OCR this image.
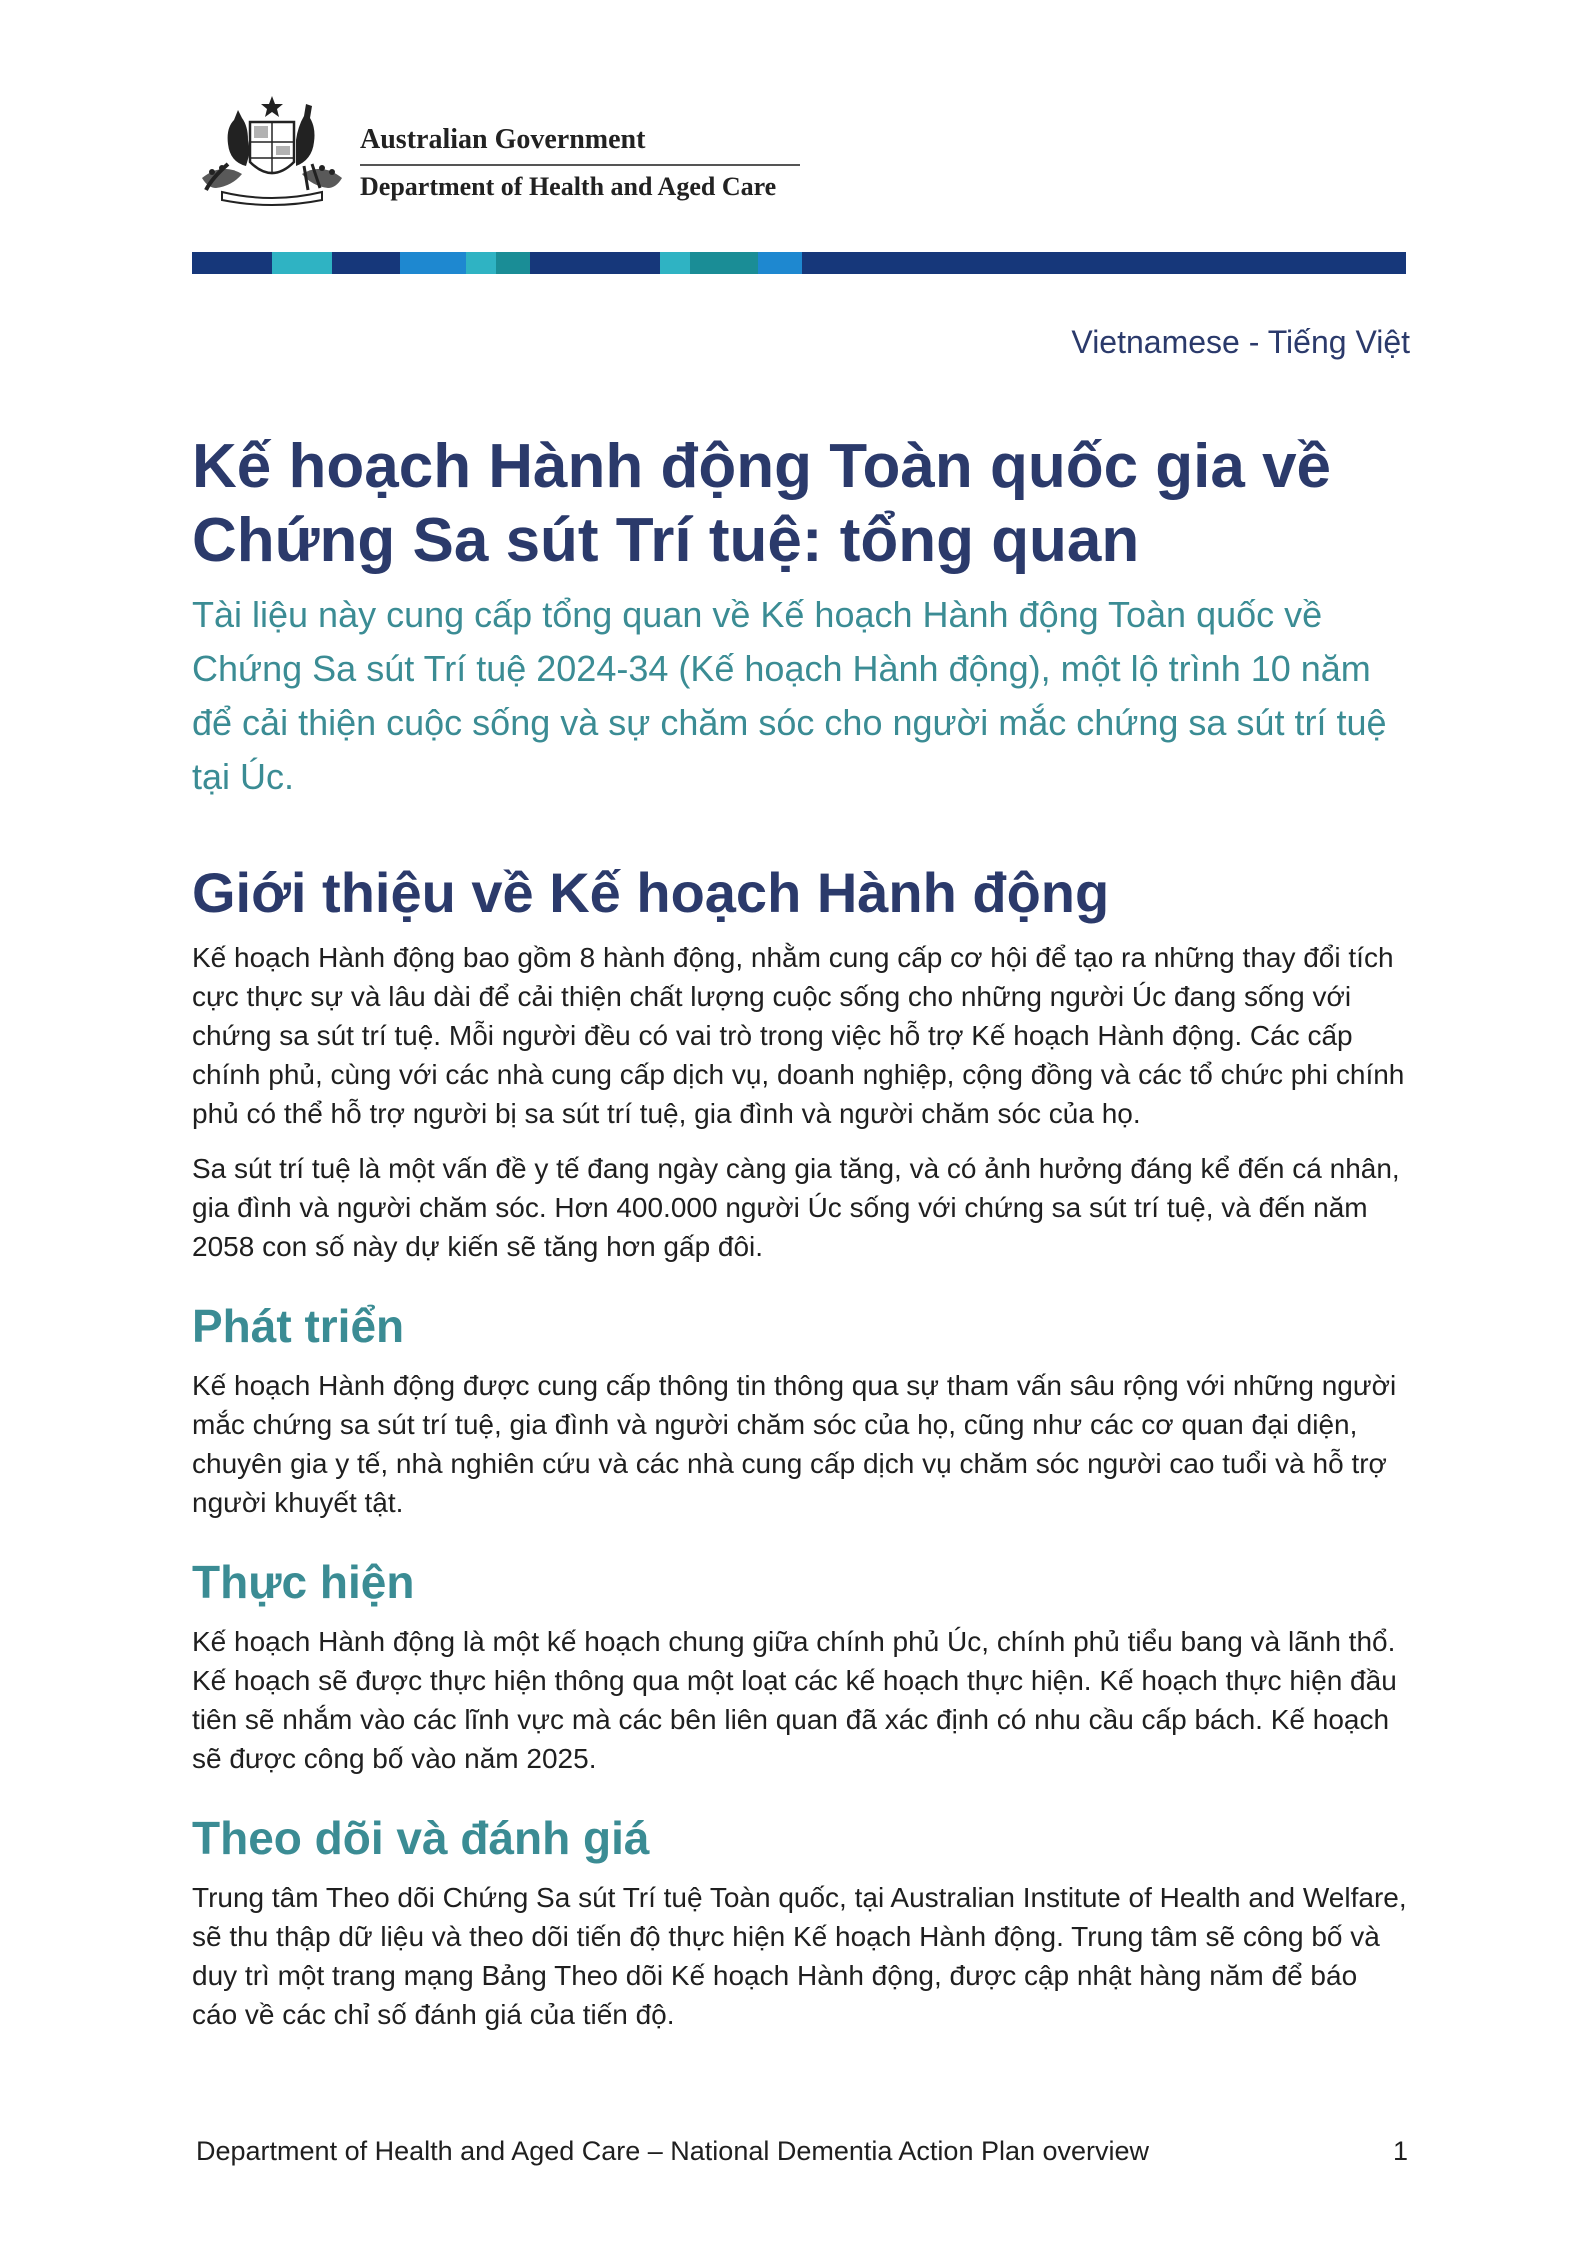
Australian Government
Department of Health and Aged Care
Vietnamese - Tiếng Việt
Kế hoạch Hành động Toàn quốc gia về Chứng Sa sút Trí tuệ: tổng quan

Tài liệu này cung cấp tổng quan về Kế hoạch Hành động Toàn quốc về Chứng Sa sút Trí tuệ 2024-34 (Kế hoạch Hành động), một lộ trình 10 năm để cải thiện cuộc sống và sự chăm sóc cho người mắc chứng sa sút trí tuệ tại Úc.

Giới thiệu về Kế hoạch Hành động

Kế hoạch Hành động bao gồm 8 hành động, nhằm cung cấp cơ hội để tạo ra những thay đổi tích cực thực sự và lâu dài để cải thiện chất lượng cuộc sống cho những người Úc đang sống với chứng sa sút trí tuệ. Mỗi người đều có vai trò trong việc hỗ trợ Kế hoạch Hành động. Các cấp chính phủ, cùng với các nhà cung cấp dịch vụ, doanh nghiệp, cộng đồng và các tổ chức phi chính phủ có thể hỗ trợ người bị sa sút trí tuệ, gia đình và người chăm sóc của họ.

Sa sút trí tuệ là một vấn đề y tế đang ngày càng gia tăng, và có ảnh hưởng đáng kể đến cá nhân, gia đình và người chăm sóc. Hơn 400.000 người Úc sống với chứng sa sút trí tuệ, và đến năm 2058 con số này dự kiến sẽ tăng hơn gấp đôi.

Phát triển

Kế hoạch Hành động được cung cấp thông tin thông qua sự tham vấn sâu rộng với những người mắc chứng sa sút trí tuệ, gia đình và người chăm sóc của họ, cũng như các cơ quan đại diện, chuyên gia y tế, nhà nghiên cứu và các nhà cung cấp dịch vụ chăm sóc người cao tuổi và hỗ trợ người khuyết tật.

Thực hiện

Kế hoạch Hành động là một kế hoạch chung giữa chính phủ Úc, chính phủ tiểu bang và lãnh thổ. Kế hoạch sẽ được thực hiện thông qua một loạt các kế hoạch thực hiện. Kế hoạch thực hiện đầu tiên sẽ nhắm vào các lĩnh vực mà các bên liên quan đã xác định có nhu cầu cấp bách. Kế hoạch sẽ được công bố vào năm 2025.

Theo dõi và đánh giá

Trung tâm Theo dõi Chứng Sa sút Trí tuệ Toàn quốc, tại Australian Institute of Health and Welfare, sẽ thu thập dữ liệu và theo dõi tiến độ thực hiện Kế hoạch Hành động. Trung tâm sẽ công bố và duy trì một trang mạng Bảng Theo dõi Kế hoạch Hành động, được cập nhật hàng năm để báo cáo về các chỉ số đánh giá của tiến độ.

Department of Health and Aged Care – National Dementia Action Plan overview	1
